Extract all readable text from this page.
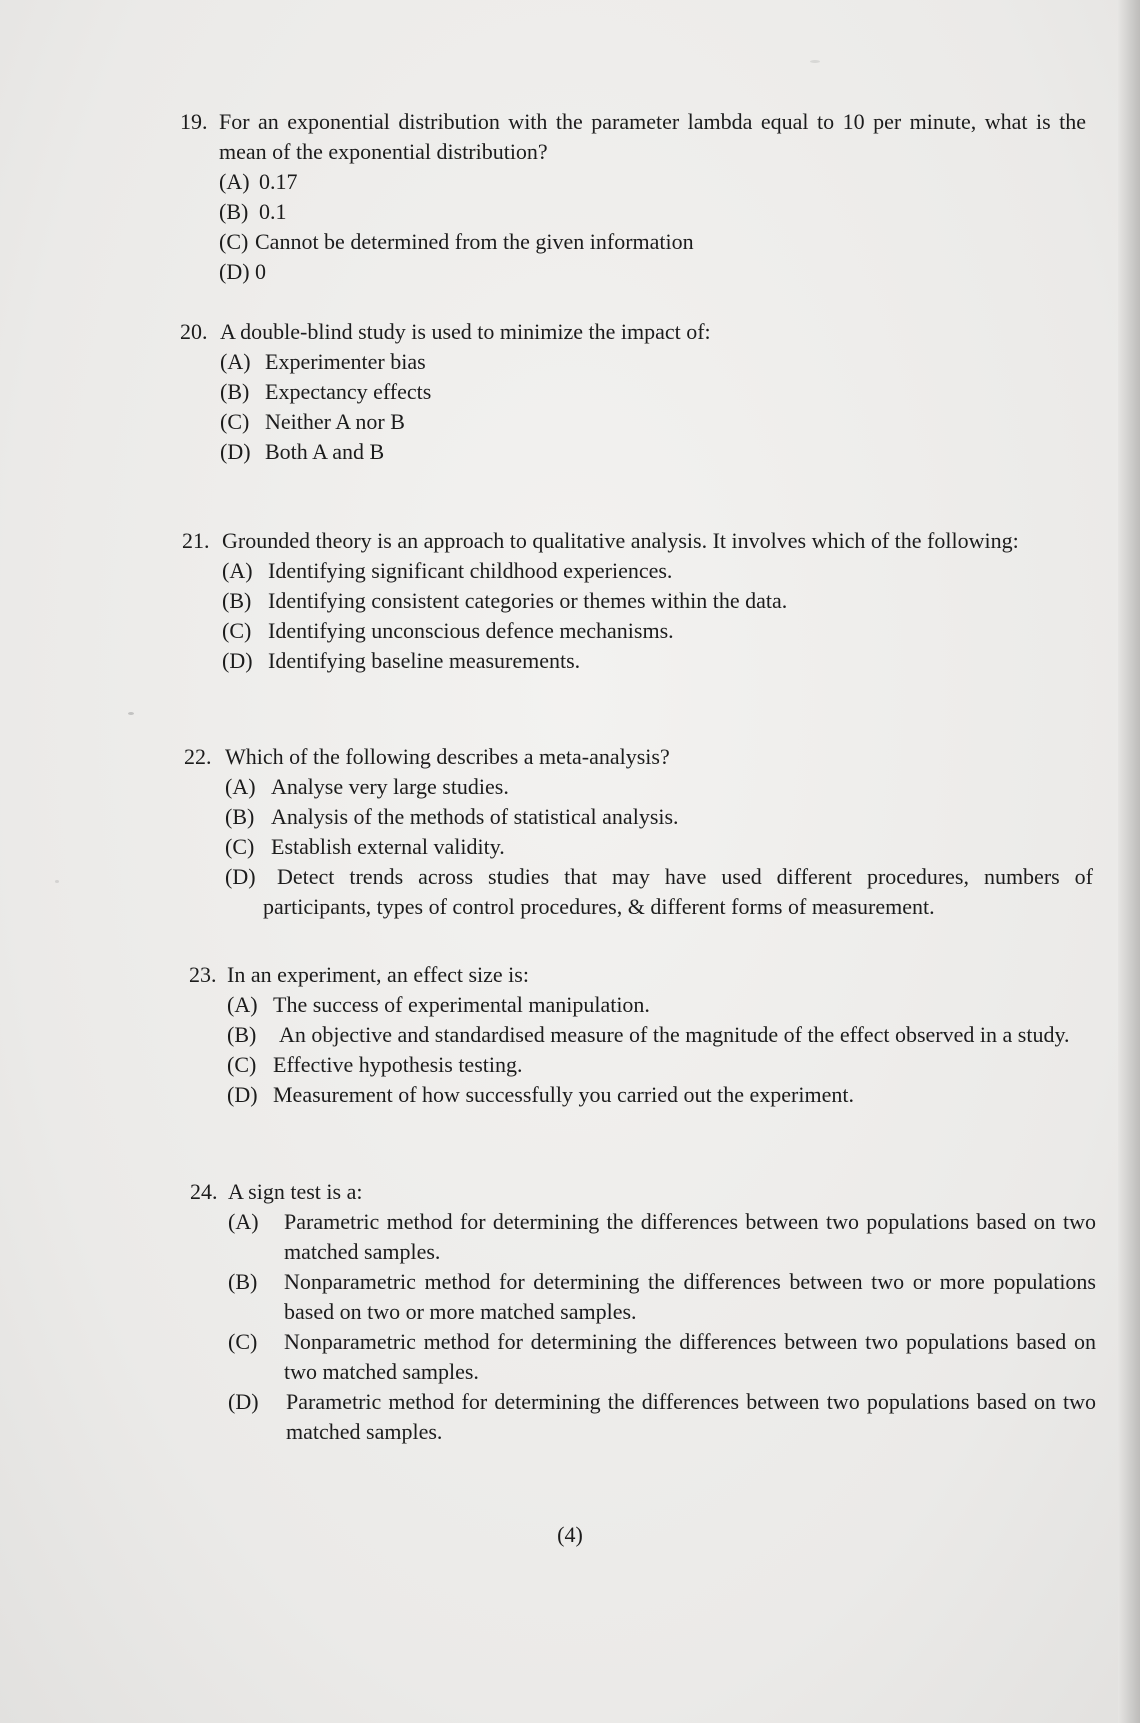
19. For an exponential distribution with the parameter lambda equal to 10 per minute, what is the mean of the exponential distribution?
(A) 0.17
(B) 0.1
(C) Cannot be determined from the given information
(D) 0
20. A double-blind study is used to minimize the impact of:
(A) Experimenter bias
(B) Expectancy effects
(C) Neither A nor B
(D) Both A and B
21. Grounded theory is an approach to qualitative analysis. It involves which of the following:
(A) Identifying significant childhood experiences.
(B) Identifying consistent categories or themes within the data.
(C) Identifying unconscious defence mechanisms.
(D) Identifying baseline measurements.
22. Which of the following describes a meta-analysis?
(A) Analyse very large studies.
(B) Analysis of the methods of statistical analysis.
(C) Establish external validity.
(D) Detect trends across studies that may have used different procedures, numbers of participants, types of control procedures, & different forms of measurement.
23. In an experiment, an effect size is:
(A) The success of experimental manipulation.
(B)	An objective and standardised measure of the magnitude of the effect observed in a study.
(C) Effective hypothesis testing.
(D) Measurement of how successfully you carried out the experiment.
24. A sign test is a:
(A)	Parametric method for determining the differences between two populations based on two matched samples.
(B)	Nonparametric method for determining the differences between two or more populations based on two or more matched samples.
(C)	Nonparametric method for determining the differences between two populations based on two matched samples.
(D)	Parametric method for determining the differences between two populations based on two matched samples.
(4)
